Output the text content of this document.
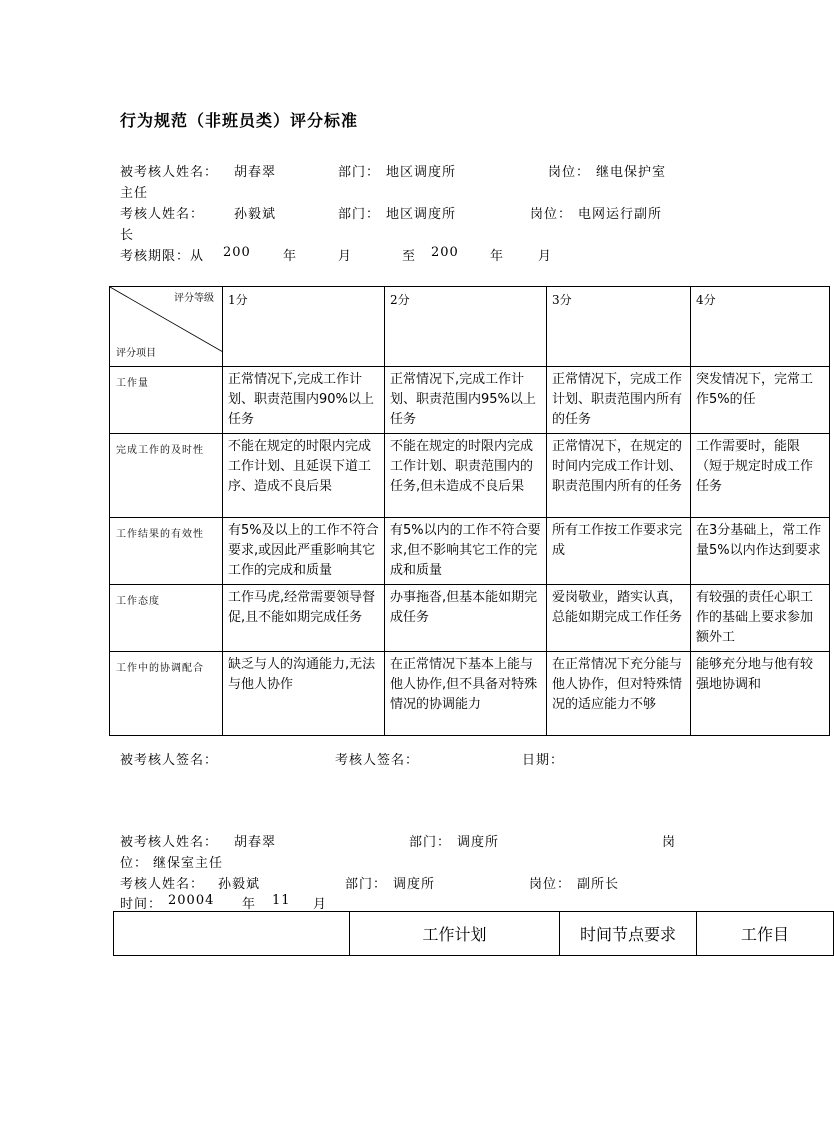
行为规范（非班员类）评分标准
被考核人姓名： 胡春翠	部门： 地区调度所	岗位： 继电保护室
主任
考核人姓名： 孙毅斌	部门： 地区调度所	岗位： 电网运行副所
长
考核期限：从 200 年	月	至 200 年	月
评分等级
评分项目	1分	2分	3分	4分
工作量	正常情况下,完成工作计划、职责范围内90%以上任务	正常情况下,完成工作计划、职责范围内95%以上任务	正常情况下，完成工作计划、职责范围内所有的任务	突发情况下，完常工作5%的任
完成工作的及时性	不能在规定的时限内完成工作计划、且延误下道工序、造成不良后果	不能在规定的时限内完成工作计划、职责范围内的任务,但未造成不良后果	正常情况下，在规定的时间内完成工作计划、职责范围内所有的任务	工作需要时，能限（短于规定时成工作任务
工作结果的有效性	有5%及以上的工作不符合要求,或因此严重影响其它工作的完成和质量	有5%以内的工作不符合要求,但不影响其它工作的完成和质量	所有工作按工作要求完成	在3分基础上，常工作量5%以内作达到要求
工作态度	工作马虎,经常需要领导督促,且不能如期完成任务	办事拖沓,但基本能如期完成任务	爱岗敬业，踏实认真，总能如期完成工作任务	有较强的责任心职工作的基础上要求参加额外工
工作中的协调配合	缺乏与人的沟通能力,无法与他人协作	在正常情况下基本上能与他人协作,但不具备对特殊情况的协调能力	在正常情况下充分能与他人协作，但对特殊情况的适应能力不够	能够充分地与他有较强地协调和
被考核人签名：	考核人签名：	日期：
被考核人姓名： 胡春翠	部门： 调度所	岗
位： 继保室主任
考核人姓名： 孙毅斌	部门： 调度所	岗位： 副所长
时间： 20004 年 11 月
	工作计划	时间节点要求	工作目
